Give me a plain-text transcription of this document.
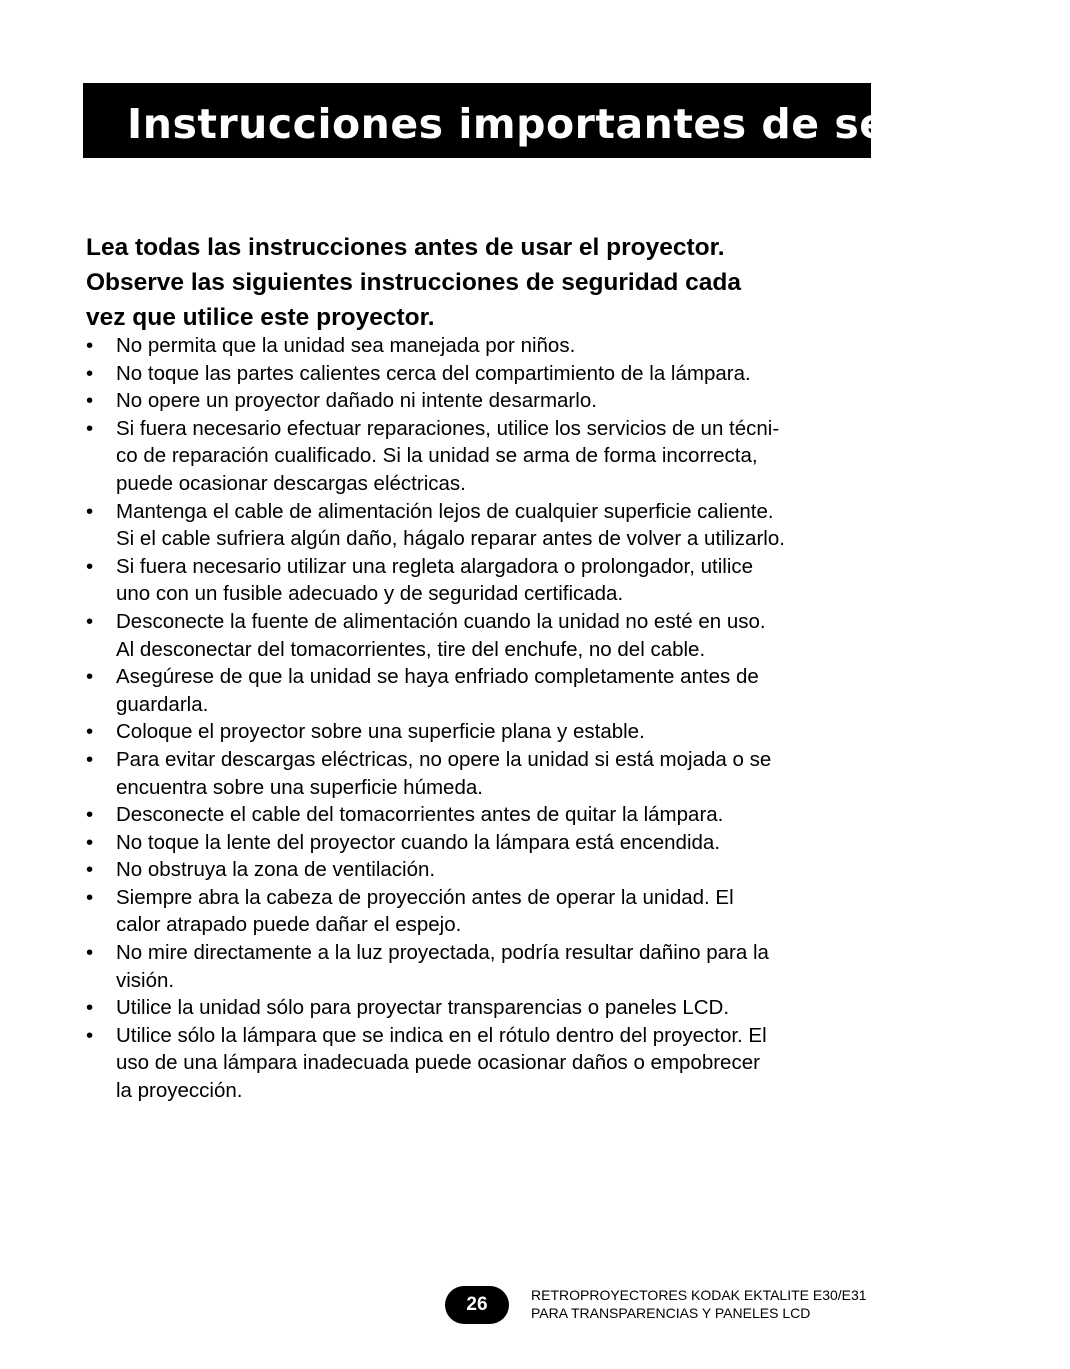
Instrucciones importantes de seguridad
Lea todas las instrucciones antes de usar el proyector.
Observe las siguientes instrucciones de seguridad cada
vez que utilice este proyector.
• No permita que la unidad sea manejada por niños.
• No toque las partes calientes cerca del compartimiento de la lámpara.
• No opere un proyector dañado ni intente desarmarlo.
• Si fuera necesario efectuar reparaciones, utilice los servicios de un técni-
co de reparación cualificado. Si la unidad se arma de forma incorrecta,
puede ocasionar descargas eléctricas.
• Mantenga el cable de alimentación lejos de cualquier superficie caliente.
Si el cable sufriera algún daño, hágalo reparar antes de volver a utilizarlo.
• Si fuera necesario utilizar una regleta alargadora o prolongador, utilice
uno con un fusible adecuado y de seguridad certificada.
• Desconecte la fuente de alimentación cuando la unidad no esté en uso.
Al desconectar del tomacorrientes, tire del enchufe, no del cable.
• Asegúrese de que la unidad se haya enfriado completamente antes de
guardarla.
• Coloque el proyector sobre una superficie plana y estable.
• Para evitar descargas eléctricas, no opere la unidad si está mojada o se
encuentra sobre una superficie húmeda.
• Desconecte el cable del tomacorrientes antes de quitar la lámpara.
• No toque la lente del proyector cuando la lámpara está encendida.
• No obstruya la zona de ventilación.
• Siempre abra la cabeza de proyección antes de operar la unidad. El
calor atrapado puede dañar el espejo.
• No mire directamente a la luz proyectada, podría resultar dañino para la
visión.
• Utilice la unidad sólo para proyectar transparencias o paneles LCD.
• Utilice sólo la lámpara que se indica en el rótulo dentro del proyector. El
uso de una lámpara inadecuada puede ocasionar daños o empobrecer
la proyección.
26	RETROPROYECTORES KODAK EKTALITE E30/E31
PARA TRANSPARENCIAS Y PANELES LCD
